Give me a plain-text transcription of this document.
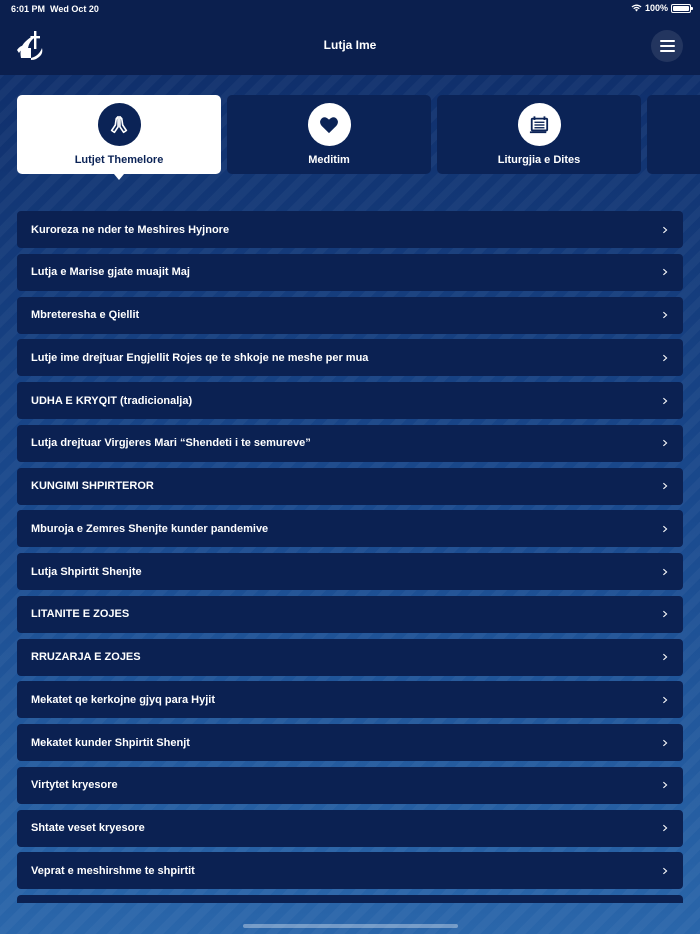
6:01 PM Wed Oct 20	100%
Lutja Ime
Lutjet Themelore	Meditim	Liturgjia e Dites
Kuroreza ne nder te Meshires Hyjnore
Lutja e Marise gjate muajit Maj
Mbreteresha e Qiellit
Lutje ime drejtuar Engjellit Rojes qe te shkoje ne meshe per mua
UDHA E KRYQIT (tradicionalja)
Lutja drejtuar Virgjeres Mari “Shendeti i te semureve”
KUNGIMI SHPIRTEROR
Mburoja e Zemres Shenjte kunder pandemive
Lutja Shpirtit Shenjte
LITANITE E ZOJES
RRUZARJA E ZOJES
Mekatet qe kerkojne gjyq para Hyjit
Mekatet kunder Shpirtit Shenjt
Virtytet kryesore
Shtate veset kryesore
Veprat e meshirshme te shpirtit
